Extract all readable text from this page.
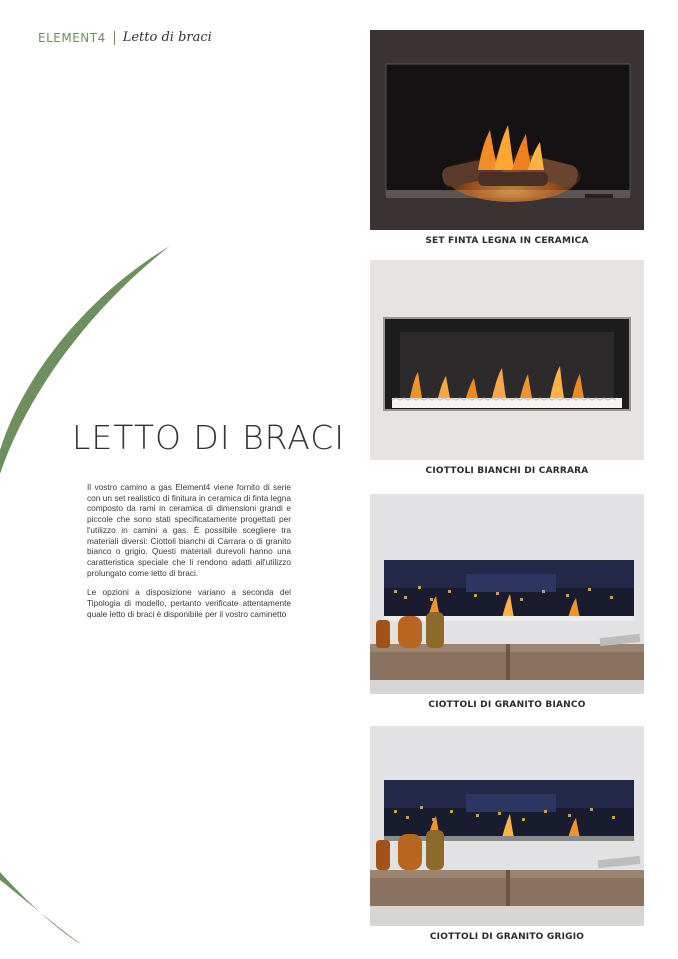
ELEMENT4 Letto di braci
LETTO DI BRACI

Il vostro camino a gas Element4 viene fornito di serie con un set realistico di finitura in ceramica di finta legna composto da rami in ceramica di dimensioni grandi e piccole che sono stati specificatamente progettati per l'utilizzo in camini a gas. È possibile scegliere tra materiali diversi: Ciottoli bianchi di Carrara o di granito bianco o grigio. Questi materiali durevoli hanno una caratteristica speciale che li rendono adatti all'utilizzo prolungato come letto di braci.

Le opzioni a disposizione variano a seconda del Tipologia di modello, pertanto verificate attentamente quale letto di braci è disponibile per il vostro caminetto

SET FINTA LEGNA IN CERAMICA
CIOTTOLI BIANCHI DI CARRARA
CIOTTOLI DI GRANITO BIANCO
CIOTTOLI DI GRANITO GRIGIO
